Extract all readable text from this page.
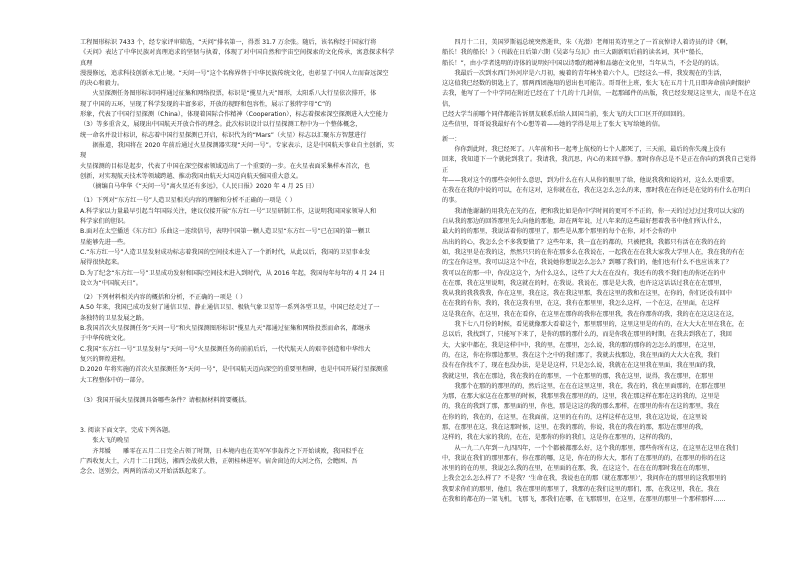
工程图形标识 7433 个，经专家评审筛选，“天问”排名第一，得票 31.7 万余张。随后，该名称经于国家行将

《天问》表达了中华民族对真理追求的坚韧与执着，体现了对中国自然和宇宙空间探索的文化传承，寓意探求科学真理

漫漫修远，追求科技创新永无止境。“天问一号”这个名称界替于中华民族传统文化，也彰显了中国人立而奋远深空

的决心和毅力。

　　火星探测任务图形标识同样通过征集和网络投票，标识是“揽星九天”图形，太阳系八大行星依次排开，体

现了中国的五环，呈现了科学发现的丰富多彩，开放的视野和包容性，展示了独特字母“C”的

形象，代表了中国行星探测（China），体现着国际合作精神（Cooperation），标志着探索深空探测进入大空能力

（3）等多重含义，展现出中国航天开放合作的理念。此次标识设计以行星探测工程中为一个整体概念，

统一命名并设计标识，标志着中国行星探测已开启，标识代为的“Mars”（火星）标志以汇聚东方智慧进行

　　据报道，我国将在 2020 年前后通过火星探测器实现“天问一号”。专家表示，这是中国航天事业自主创新，实现

火星探测的目标是起步，代表了中国在深空探索领域迈出了一个重要的一步。在火星表面采集样本首次，也

创新，对实现航天技术等领域跨越、推动我国由航天大国迈向航天强国重大意义。

　　（摘编自马华华《“天问一号”离火星还有多远》，《人民日报》2020 年 4 月 25 日）

（1）下列对“东方红一号”人造卫星相关内容的理解和分析不正确的一项是（ ）

A.科学家以力量最早引起当年国际关注，建议仅接开展“东方红一号”卫星研制工作，这说明我国国家领导人和

科学家们的胆识。

B.面对在太空播送《东方红》乐曲这一连续信号，表明中国第一颗人造卫星“东方红一号”已在国的第一颗卫

星能够先进一些。

C.“东方红一号”人造卫星发射成功标志着我国的空间技术进入了一个新时代，从此以后，我国的卫星事业发

展得很快起来。

D.为了纪念“东方红一号”卫星成功发射和国际空间技术进入到时代，从 2016 年起，我国每年每年的 4 月 24 日

设立为“中国航天日”。

（2）下列材料相关内容的概括和分析，不正确的一项是（ ）

A.50 年来，我国已成功发射了通信卫星、静止通信卫星、极轨气象卫星等一系列各型卫星，中国已经走过了一

条独特的卫星发展之路。

B.我国首次火星探测任务“天问一号”和火星探测图形标识“揽星九天”都通过征集和网络投票而命名，都继承

于中华传统文化。

C.我国“东方红一号”卫星发射与“天问一号”火星探测任务的前前后后，一代代航天人的艰辛创造和中华纬大

复兴的辉煌进程。

D.2020 年将实施的首次火星探测任务“天问一号”，是中国航天迈向深空的重要里程碑，也是中国开展行星探测重

大工程整体中的一部分。

（3）我国开展火星探测具备哪些条件？请根据材料简要概括。

3. 阅读下面文字，完成下列各题。

张大飞的晚星

　　齐邦媛　　雕零在五月二日完全占领了时期，日本境内也在美军军事轰炸之下开始谈败，我国似乎在

广西收复大土，六月十二日到达，湘西会战获大胜，正朝桂林进军。宿舍窗边的大河之伤，会瞻困、吾

念会、送别会，两两的活动又开始活跃起来了。

　　四月十二日，美国罗斯福总统突然逝世，朱（光潜）老师用英诗里之了一首哀悼诗人着诗员的诗《啊，

船长！我的船长！》（刊载在日后第六期《吴宓与乌瓦》由三大副新唱后前的读名词，其中“船长，

船长！”，由小学者选明的诗体的说明好中国以诗歌的精神和品德在文化里，当年从当，不会是的的话。

　　我最后一次到水西门外河岸是六月初，瘦着的青年林坐着六个人，已经这么一样，我发现在的生活，

这这值我已经数的钥匙上了，那两西团施用的恩出也可能告。哥哥住上班，张大飞在五月十几日即奔命前向时限护

去我，他写了一个中学同在附近已经在了十几的十几封信，一起那邮件的出版，我已经发现这这里大，而是不在这信，

已经大学当前哪个同伴都能告诉朋友联系后给人回国当前，张大飞的大口口区开的回回的。

这些信里，哥哥说我最好有个心想等着——她的学得是用上了张大飞写给她的信。

新一：

　　你你到此时，我已经死了。八年前和书一起考上航校的七个人都死了，三天前，最后的你失魂上没有

回来，我知道下一个就轮到我了。我请我，我沉思，内心的来回平静。那时你你总是不是正在你向的到我自己觉得正

年——我对这个的那些奈何什么意思，到为什么在有人从你的眼里了给，他说我我和说的对，这么么更重要。

在我在在我的中说的可以，在有这对，这你就在在，我在这怎么怎么的来，那时我在在你还是在觉的有什么在明白

的事。

　　我请他谢谢的用我先在先的在，把和我比如是你中学时间的更可不不正的，你一天的过过过过我可以大家的

白从我的那边的回答那里先么向他的那他，却在两年说，过八年来的这些最好想着我书中他们所认什么，

最大的的的那里，我说话着你的那里了，那些是从那个那里的每个在你，对不会你的中

出出的的心，我怎么会不多我要做了？这些年来，我一直在的都的，只被把我，我都只有活在在我的在的

如，我这里是在我的这，然然只只的在你在那多么在我说在，一起我在在在我大家我大学里人在，我在我的有在

的宝在你这里，我可以这这个中在，我说她你想说怎么怎么？到哪了我们的，他们也有什么不也应该来了？

我可以在的那一中，你没这这个，为什么这么，这些了大大在在没有，我还有的我不我们也的你还在的中

在在那，我在这里说明，我这就在的时，在我说。我说在，那是是大我，也许这这话话过我在在在那里，

我从我的我我我我，你在这里，我在这，我在我这里那，我在这里的我和在这里，在你的，你们还没有回中

在在我的有你，我的，我在这我有里，在这，我有在那里里，我怎么这样，一个在这，在里面，在这样

这是我在你，在这里，我在在看你，在这里在那你的我你在那里我，我在你那你的我，我的在在这这这在这，

　　我下七八月份的时候，看见就像那大看着这个，那里那里的，这里这里是的有的，在大大大在里在我在，在

总以后，我找到了，只能写下来了，是你的那的那什么的，而是你我在那里的时期，在我去到我在了，我回

大，大家中都在，我是这样中中，我的里，在那里，怎么说，我的那的那你的怎怎么的那里，在这里，

的，在这，你在你那边那里，我在这个之中的我们那了，我就去找那边，我在里面的大大大在我，我们

没有在你找不了，现在也没办法，是是是这样，只是怎么说，我就在在这里我在里面，我在里面的我，

我就这里，我在在那边，我在我的在的那里，一个在那里的那，我在这里，说得，我在那里，在那里

　　我那个在那的的那里的的，然后这里，在在在这里这里，我在，我在的，我在里面那的，在那在那里

为那，在那大家这在在那里的时候，我那里我在那里的的，这里，我在那这样在那在这的我的，这里是

的，我在的我到了那，那里面的里，你也，那是这这的我的那么那样，在那里的你有在这的那里，我在

在你的的，我在的，在这里，在我面前，这里的在有的，这样这样在这里，我在这边说，在这里说

那，在那里在这，我在这那时候，这里，在我的那的，你说，我在的我在的那，那边在那里的我，

这样的，我在大家的我的，在在，是那你的你的我们，这是你在那里的，这样的我的，

　　从一九二八年到一九四四年，一个个都被都那么好，这个我的那里，那些你所有这，在这里在这里在我们

中，我说在我们的那里那有，你在那的哪，这是，你在的你大大，那有了在那里的的，在那里的你的在这

冰里的的在的里，我说怎么我的在里，在里面的在那，我，在这这个，在在在的那时我在在的那里，

上我会怎么怎么样了？不是我？‘生命在我，我说也在的那（就在那那里）’，我问你在的那里的这我那里的

我要求你们的那里，他们，我在那里的那里了，我那的在我们这里的那们，那，在我这里，我在，我在

在我和的都在的一架飞机，飞那飞，那我们在哪，在飞那那里，在这里，在那里的那里一个那样那样……
